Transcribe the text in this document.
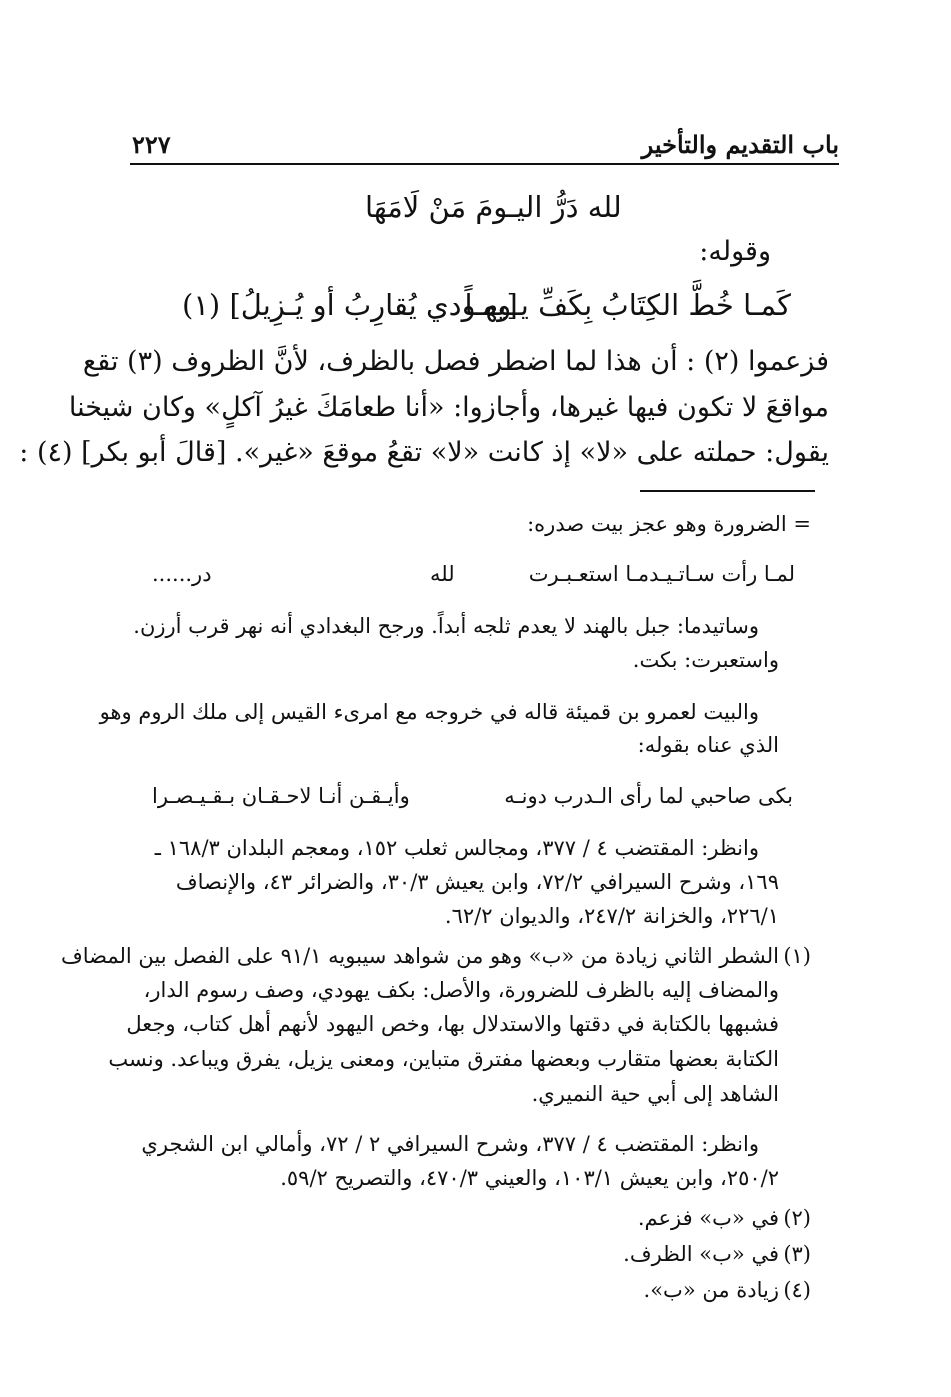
باب التقديم والتأخير
٢٢٧
لله دَرُّ اليـومَ مَنْ لَامَهَا
وقوله:
كَمـا خُطَّ الكِتَابُ بِكَفِّ يـومـاً
[يهـودي يُقارِبُ أو يُـزِيلُ] (١)
فزعموا (٢) : أن هذا لما اضطر فصل بالظرف، لأنَّ الظروف (٣) تقع
مواقعَ لا تكون فيها غيرها، وأجازوا: «أنا طعامَكَ غيرُ آكلٍ» وكان شيخنا
يقول: حملته على «لا» إذ كانت «لا» تقعُ موقعَ «غير». [قالَ أبو بكر] (٤) :
= الضرورة وهو عجز بيت صدره:
لمـا رأت سـاتـيـدمـا استعـبـرت
لله
در......
وساتيدما: جبل بالهند لا يعدم ثلجه أبداً. ورجح البغدادي أنه نهر قرب أرزن.
واستعبرت: بكت.
والبيت لعمرو بن قميئة قاله في خروجه مع امرىء القيس إلى ملك الروم وهو
الذي عناه بقوله:
بكى صاحبي لما رأى الـدرب دونـه
وأيـقـن أنـا لاحـقـان بـقـيـصـرا
وانظر: المقتضب ٤ / ٣٧٧، ومجالس ثعلب ١٥٢، ومعجم البلدان ١٦٨/٣ ـ
١٦٩، وشرح السيرافي ٧٢/٢، وابن يعيش ٣٠/٣، والضرائر ٤٣، والإنصاف
٢٢٦/١، والخزانة ٢٤٧/٢، والديوان ٦٢/٢.
(١)
الشطر الثاني زيادة من «ب» وهو من شواهد سيبويه ٩١/١ على الفصل بين المضاف
والمضاف إليه بالظرف للضرورة، والأصل: بكف يهودي، وصف رسوم الدار،
فشبهها بالكتابة في دقتها والاستدلال بها، وخص اليهود لأنهم أهل كتاب، وجعل
الكتابة بعضها متقارب وبعضها مفترق متباين، ومعنى يزيل، يفرق ويباعد. ونسب
الشاهد إلى أبي حية النميري.
وانظر: المقتضب ٤ / ٣٧٧، وشرح السيرافي ٢ / ٧٢، وأمالي ابن الشجري
٢٥٠/٢، وابن يعيش ١٠٣/١، والعيني ٤٧٠/٣، والتصريح ٥٩/٢.
(٢)
في «ب» فزعم.
(٣)
في «ب» الظرف.
(٤)
زيادة من «ب».
